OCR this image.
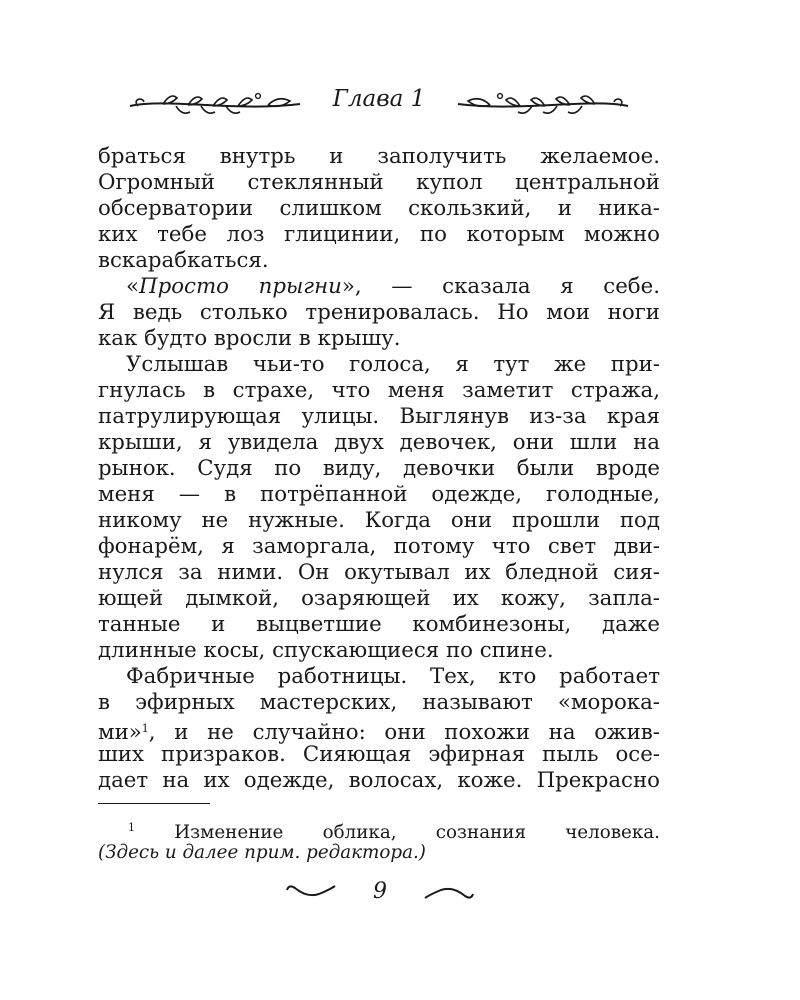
Глава 1
браться внутрь и заполучить желаемое.
Огромный стеклянный купол центральной
обсерватории слишком скользкий, и ника-
ких тебе лоз глицинии, по которым можно
вскарабкаться.
«Просто прыгни», — сказала я себе.
Я ведь столько тренировалась. Но мои ноги
как будто вросли в крышу.
Услышав чьи-то голоса, я тут же при-
гнулась в страхе, что меня заметит стража,
патрулирующая улицы. Выглянув из-за края
крыши, я увидела двух девочек, они шли на
рынок. Судя по виду, девочки были вроде
меня — в потрёпанной одежде, голодные,
никому не нужные. Когда они прошли под
фонарём, я заморгала, потому что свет дви-
нулся за ними. Он окутывал их бледной сия-
ющей дымкой, озаряющей их кожу, запла-
танные и выцветшие комбинезоны, даже
длинные косы, спускающиеся по спине.
Фабричные работницы. Тех, кто работает
в эфирных мастерских, называют «морока-
ми»$^1$, и не случайно: они похожи на ожив-
ших призраков. Сияющая эфирная пыль осе-
дает на их одежде, волосах, коже. Прекрасно
$^1$ Изменение облика, сознания человека.
(Здесь и далее прим. редактора.)
9
